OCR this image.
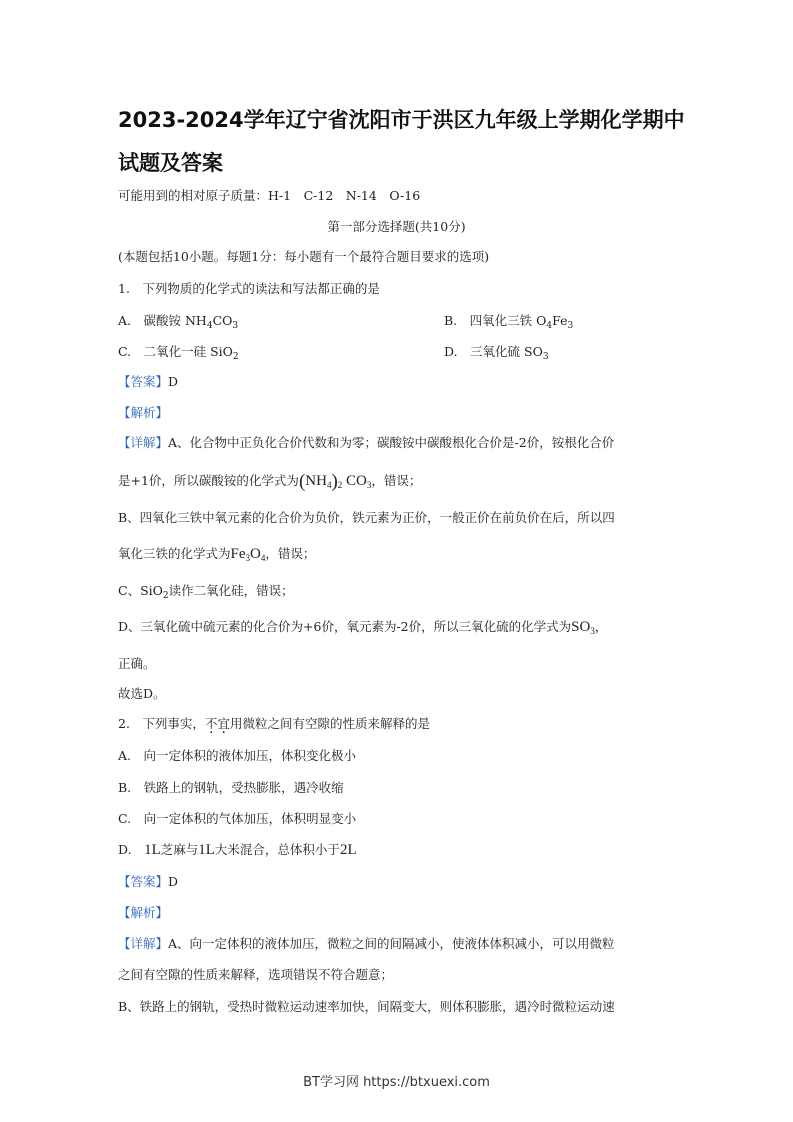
2023-2024学年辽宁省沈阳市于洪区九年级上学期化学期中
试题及答案
可能用到的相对原子质量：H-1　C-12　N-14　O-16
第一部分选择题(共10分)
(本题包括10小题。每题1分：每小题有一个最符合题目要求的选项)
1.　下列物质的化学式的读法和写法都正确的是
A.　碳酸铵 $NH_4CO_3$	B.　四氧化三铁 $O_4Fe_3$
C.　二氧化一硅 SiO$_2$	D.　三氧化硫 $SO_3$
【答案】D
【解析】
【详解】A、化合物中正负化合价代数和为零；碳酸铵中碳酸根化合价是-2价，铵根化合价
是+1价，所以碳酸铵的化学式为$(NH_4)_2$ $CO_3$，错误；
B、四氧化三铁中氧元素的化合价为负价，铁元素为正价，一般正价在前负价在后，所以四
氧化三铁的化学式为$Fe_3O_4$，错误；
C、SiO$_2$读作二氧化硅，错误；
D、三氧化硫中硫元素的化合价为+6价，氧元素为-2价，所以三氧化硫的化学式为$SO_3$，
正确。
故选D。
2.　下列事实，不宜用微粒之间有空隙的性质来解释的是
A.　向一定体积的液体加压，体积变化极小
B.　铁路上的钢轨，受热膨胀，遇冷收缩
C.　向一定体积的气体加压，体积明显变小
D.　1L芝麻与1L大米混合，总体积小于2L
【答案】D
【解析】
【详解】A、向一定体积的液体加压，微粒之间的间隔减小，使液体体积减小，可以用微粒
之间有空隙的性质来解释，选项错误不符合题意；
B、铁路上的钢轨，受热时微粒运动速率加快，间隔变大，则体积膨胀，遇冷时微粒运动速
BT学习网 https://btxuexi.com
